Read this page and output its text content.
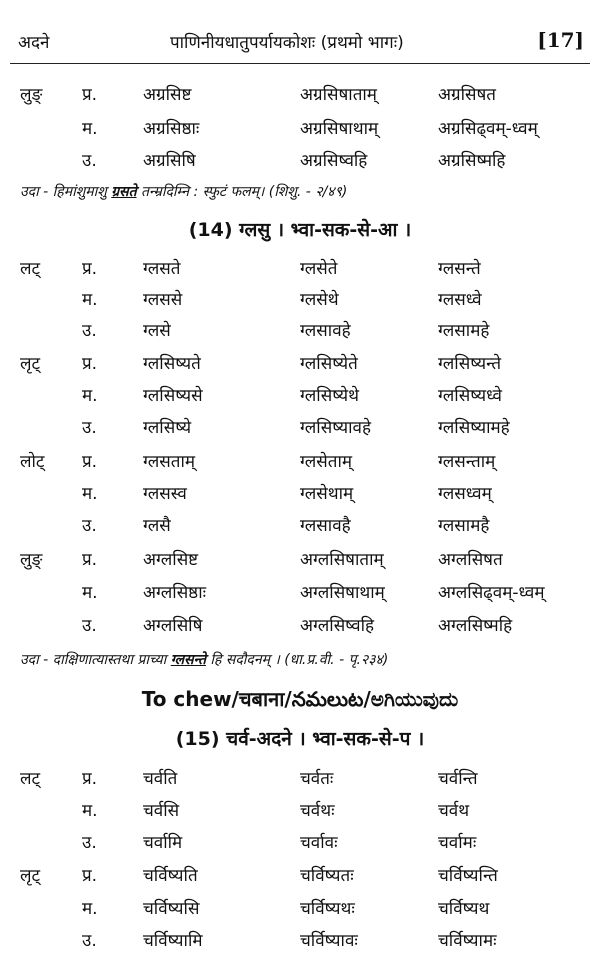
अदने	पाणिनीयधातुपर्यायकोशः (प्रथमो भागः)	[17]
लुङ् प्र.	अग्रसिष्ट	अग्रसिषाताम्	अग्रसिषत
म.	अग्रसिष्ठाः	अग्रसिषाथाम्	अग्रसिढ्वम्-ध्वम्
उ.	अग्रसिषि	अग्रसिष्वहि	अग्रसिष्महि
उदा - हिमांशुमाशु ग्रसते तन्म्रदिम्नि : स्फुटं फलम्। (शिशु. - २/४९)
(14) ग्लसु । भ्वा-सक-से-आ ।
लट् प्र.	ग्लसते	ग्लसेते	ग्लसन्ते
म.	ग्लससे	ग्लसेथे	ग्लसध्वे
उ.	ग्लसे	ग्लसावहे	ग्लसामहे
लृट् प्र.	ग्लसिष्यते	ग्लसिष्येते	ग्लसिष्यन्ते
म.	ग्लसिष्यसे	ग्लसिष्येथे	ग्लसिष्यध्वे
उ.	ग्लसिष्ये	ग्लसिष्यावहे	ग्लसिष्यामहे
लोट् प्र.	ग्लसताम्	ग्लसेताम्	ग्लसन्ताम्
म.	ग्लसस्व	ग्लसेथाम्	ग्लसध्वम्
उ.	ग्लसै	ग्लसावहै	ग्लसामहै
लुङ् प्र.	अग्लसिष्ट	अग्लसिषाताम्	अग्लसिषत
म.	अग्लसिष्ठाः	अग्लसिषाथाम्	अग्लसिढ्वम्-ध्वम्
उ.	अग्लसिषि	अग्लसिष्वहि	अग्लसिष्महि
उदा - दाक्षिणात्यास्तथा प्राच्या ग्लसन्ते हि सदौदनम् । (धा.प्र.वी. - पृ.२३४)
To chew/चबाना/నమలుట/ಅಗಿಯುವುದು
(15) चर्व-अदने । भ्वा-सक-से-प ।
लट् प्र.	चर्वति	चर्वतः	चर्वन्ति
म.	चर्वसि	चर्वथः	चर्वथ
उ.	चर्वामि	चर्वावः	चर्वामः
लृट् प्र.	चर्विष्यति	चर्विष्यतः	चर्विष्यन्ति
म.	चर्विष्यसि	चर्विष्यथः	चर्विष्यथ
उ.	चर्विष्यामि	चर्विष्यावः	चर्विष्यामः
